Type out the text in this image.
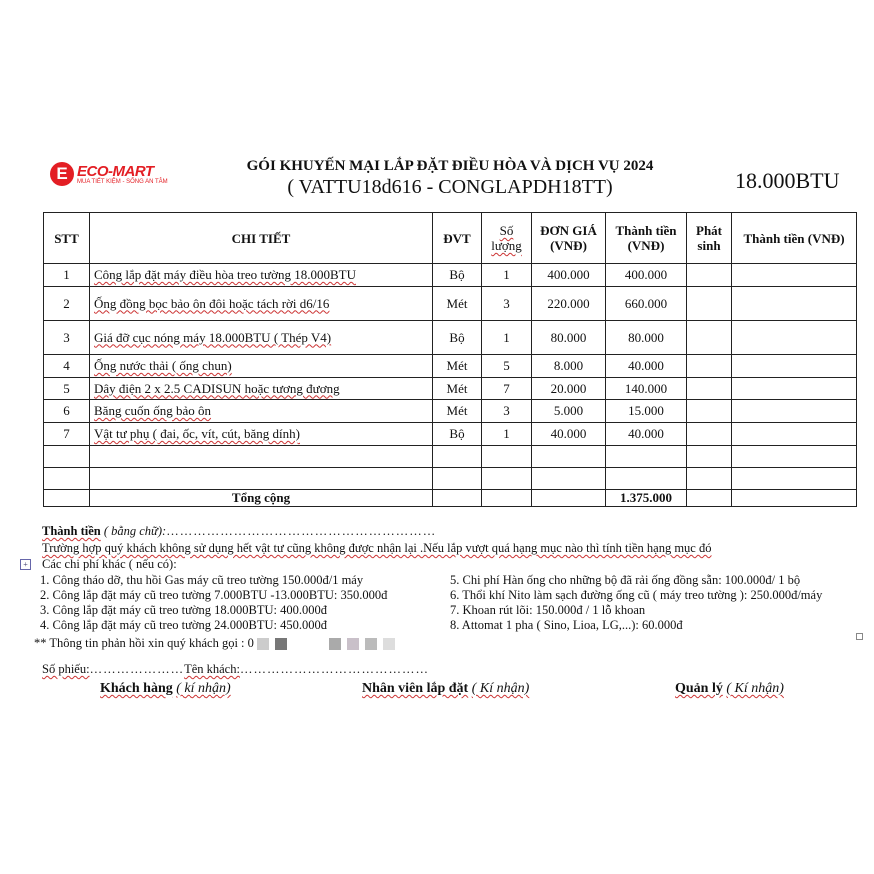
E ECO-MART
MUA TIẾT KIỆM - SỐNG AN TÂM
GÓI KHUYẾN MẠI LẮP ĐẶT ĐIỀU HÒA VÀ DỊCH VỤ 2024
( VATTU18d616 - CONGLAPDH18TT)	18.000BTU
STT	CHI TIẾT	ĐVT	Số lượng	ĐƠN GIÁ (VNĐ)	Thành tiền (VNĐ)	Phát sinh	Thành tiền (VNĐ)
1	Công lắp đặt máy điều hòa treo tường 18.000BTU	Bộ	1	400.000	400.000		
2	Ống đồng bọc bảo ôn đôi hoặc tách rời d6/16	Mét	3	220.000	660.000		
3	Giá đỡ cục nóng máy 18.000BTU ( Thép V4)	Bộ	1	80.000	80.000		
4	Ống nước thải ( ống chun)	Mét	5	8.000	40.000		
5	Dây điện 2 x 2.5 CADISUN hoặc tương đương	Mét	7	20.000	140.000		
6	Băng cuốn ống bảo ôn	Mét	3	5.000	15.000		
7	Vật tư phụ ( đai, ốc, vít, cút, băng dính)	Bộ	1	40.000	40.000		

	Tổng cộng				1.375.000		
Thành tiền ( bằng chữ):……………………………………………………
Trường hợp quý khách không sử dụng hết vật tư cũng không được nhận lại .Nếu lắp vượt quá hạng mục nào thì tính tiền hạng mục đó
+ Các chi phí khác ( nếu có):
1. Công tháo dỡ, thu hồi Gas máy cũ treo tường 150.000đ/1 máy
2. Công lắp đặt máy cũ treo tường 7.000BTU -13.000BTU: 350.000đ
3. Công lắp đặt máy cũ treo tường 18.000BTU: 400.000đ
4. Công lắp đặt máy cũ treo tường 24.000BTU: 450.000đ
5. Chi phí Hàn ống cho những bộ đã rải ống đồng sẵn: 100.000đ/ 1 bộ
6. Thổi khí Nito làm sạch đường ống cũ ( máy treo tường ): 250.000đ/máy
7. Khoan rút lõi: 150.000đ / 1 lỗ khoan
8. Attomat 1 pha ( Sino, Lioa, LG,...): 60.000đ
** Thông tin phản hồi xin quý khách gọi : 0
Số phiếu:…………………Tên khách:……………………………………
Khách hàng ( kí nhận)	Nhân viên lắp đặt ( Kí nhận)	Quản lý ( Kí nhận)
